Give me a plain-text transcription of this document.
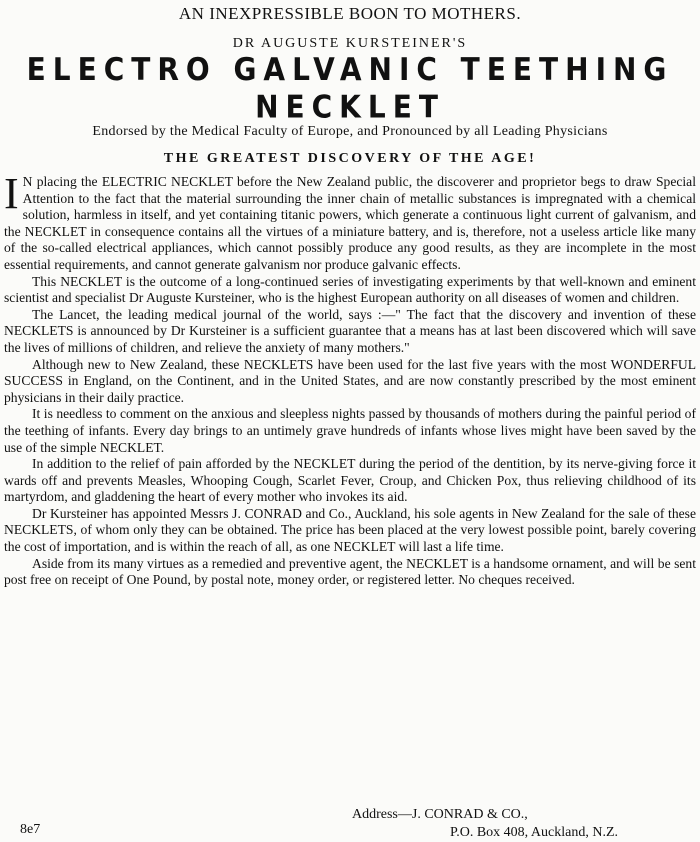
AN INEXPRESSIBLE BOON TO MOTHERS.

DR AUGUSTE KURSTEINER'S

ELECTRO GALVANIC TEETHING NECKLET

Endorsed by the Medical Faculty of Europe, and Pronounced by all Leading Physicians

THE GREATEST DISCOVERY OF THE AGE!

I N placing the ELECTRIC NECKLET before the New Zealand public, the discoverer and proprietor begs to draw Special Attention to the fact that the material surrounding the inner chain of metallic substances is impregnated with a chemical solution, harmless in itself, and yet containing titanic powers, which generate a continuous light current of galvanism, and the NECKLET in consequence contains all the virtues of a miniature battery, and is, therefore, not a useless article like many of the so-called electrical appliances, which cannot possibly produce any good results, as they are incomplete in the most essential requirements, and cannot generate galvanism nor produce galvanic effects.

This NECKLET is the outcome of a long-continued series of investigating experiments by that well-known and eminent scientist and specialist Dr Auguste Kursteiner, who is the highest European authority on all diseases of women and children.

The Lancet, the leading medical journal of the world, says :—" The fact that the discovery and invention of these NECKLETS is announced by Dr Kursteiner is a sufficient guarantee that a means has at last been discovered which will save the lives of millions of children, and relieve the anxiety of many mothers."

Although new to New Zealand, these NECKLETS have been used for the last five years with the most WONDERFUL SUCCESS in England, on the Continent, and in the United States, and are now constantly prescribed by the most eminent physicians in their daily practice.

It is needless to comment on the anxious and sleepless nights passed by thousands of mothers during the painful period of the teething of infants. Every day brings to an untimely grave hundreds of infants whose lives might have been saved by the use of the simple NECKLET.

In addition to the relief of pain afforded by the NECKLET during the period of the dentition, by its nerve-giving force it wards off and prevents Measles, Whooping Cough, Scarlet Fever, Croup, and Chicken Pox, thus relieving childhood of its martyrdom, and gladdening the heart of every mother who invokes its aid.

Dr Kursteiner has appointed Messrs J. CONRAD and Co., Auckland, his sole agents in New Zealand for the sale of these NECKLETS, of whom only they can be obtained. The price has been placed at the very lowest possible point, barely covering the cost of importation, and is within the reach of all, as one NECKLET will last a life time.

Aside from its many virtues as a remedied and preventive agent, the NECKLET is a handsome ornament, and will be sent post free on receipt of One Pound, by postal note, money order, or registered letter. No cheques received.

Address—J. CONRAD & CO.,
P.O. Box 408, Auckland, N.Z.
8e7
